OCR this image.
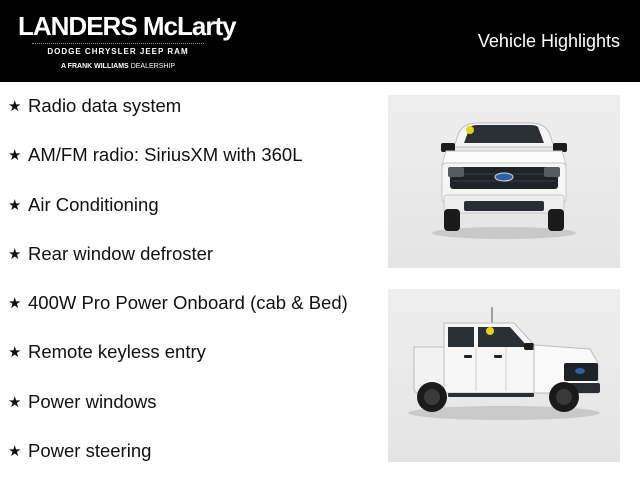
LANDERS McLarty
DODGE CHRYSLER JEEP RAM
A FRANK WILLIAMS DEALERSHIP
Vehicle Highlights
★ Radio data system
★ AM/FM radio: SiriusXM with 360L
★ Air Conditioning
★ Rear window defroster
★ 400W Pro Power Onboard (cab & Bed)
★ Remote keyless entry
★ Power windows
★ Power steering
